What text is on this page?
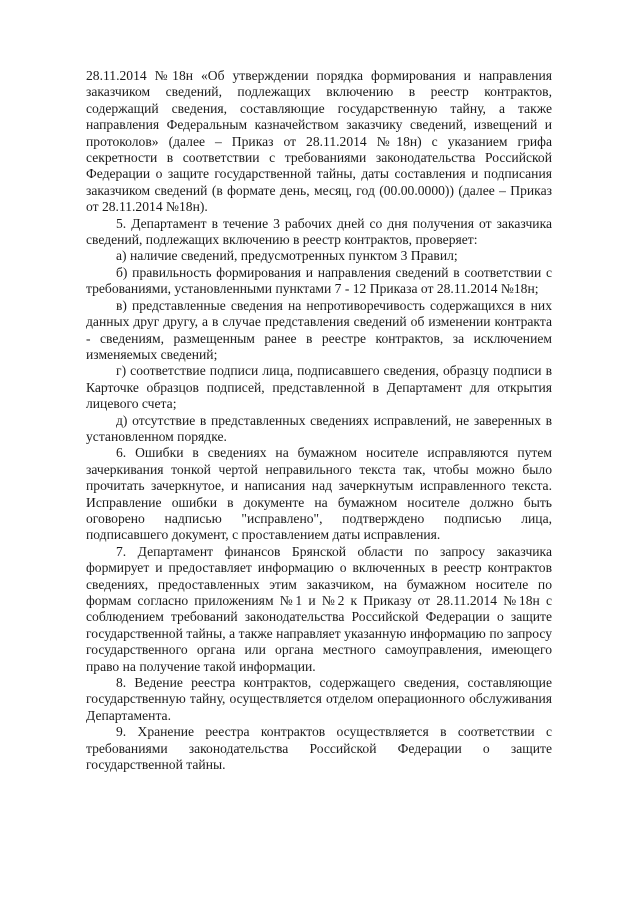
28.11.2014 №18н «Об утверждении порядка формирования и направления заказчиком сведений, подлежащих включению в реестр контрактов, содержащий сведения, составляющие государственную тайну, а также направления Федеральным казначейством заказчику сведений, извещений и протоколов» (далее – Приказ от 28.11.2014 №18н) с указанием грифа секретности в соответствии с требованиями законодательства Российской Федерации о защите государственной тайны, даты составления и подписания заказчиком сведений (в формате день, месяц, год (00.00.0000)) (далее – Приказ от 28.11.2014 №18н).

5. Департамент в течение 3 рабочих дней со дня получения от заказчика сведений, подлежащих включению в реестр контрактов, проверяет:

а) наличие сведений, предусмотренных пунктом 3 Правил;

б) правильность формирования и направления сведений в соответствии с требованиями, установленными пунктами 7 - 12 Приказа от 28.11.2014 №18н;

в) представленные сведения на непротиворечивость содержащихся в них данных друг другу, а в случае представления сведений об изменении контракта - сведениям, размещенным ранее в реестре контрактов, за исключением изменяемых сведений;

г) соответствие подписи лица, подписавшего сведения, образцу подписи в Карточке образцов подписей, представленной в Департамент для открытия лицевого счета;

д) отсутствие в представленных сведениях исправлений, не заверенных в установленном порядке.

6. Ошибки в сведениях на бумажном носителе исправляются путем зачеркивания тонкой чертой неправильного текста так, чтобы можно было прочитать зачеркнутое, и написания над зачеркнутым исправленного текста. Исправление ошибки в документе на бумажном носителе должно быть оговорено надписью "исправлено", подтверждено подписью лица, подписавшего документ, с проставлением даты исправления.

7. Департамент финансов Брянской области по запросу заказчика формирует и предоставляет информацию о включенных в реестр контрактов сведениях, предоставленных этим заказчиком, на бумажном носителе по формам согласно приложениям №1 и №2 к Приказу от 28.11.2014 №18н с соблюдением требований законодательства Российской Федерации о защите государственной тайны, а также направляет указанную информацию по запросу государственного органа или органа местного самоуправления, имеющего право на получение такой информации.

8. Ведение реестра контрактов, содержащего сведения, составляющие государственную тайну, осуществляется отделом операционного обслуживания Департамента.

9. Хранение реестра контрактов осуществляется в соответствии с требованиями законодательства Российской Федерации о защите государственной тайны.
